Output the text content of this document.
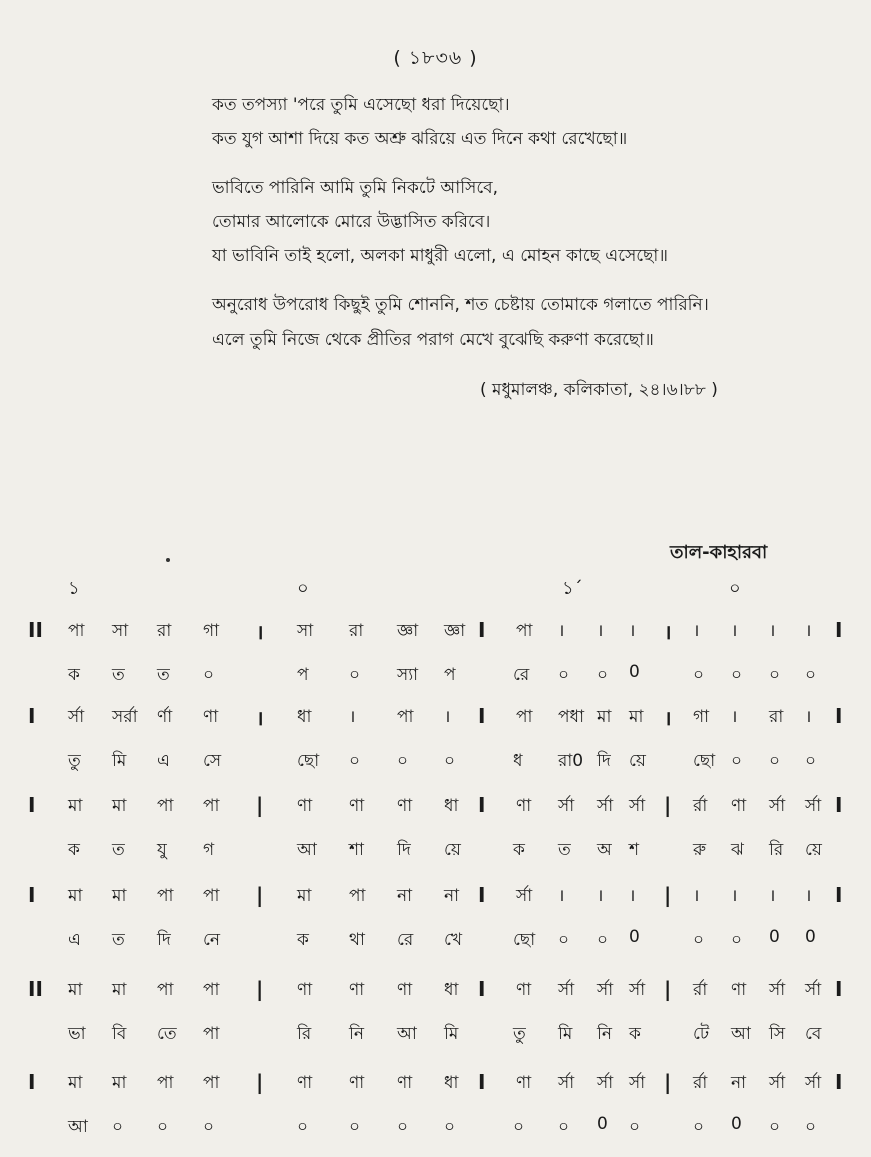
( ১৮৩৬ )
কত তপস্যা 'পরে তুমি এসেছো ধরা দিয়েছো।
কত যুগ আশা দিয়ে কত অশ্রু ঝরিয়ে এত দিনে কথা রেখেছো॥
ভাবিতে পারিনি আমি তুমি নিকটে আসিবে,
তোমার আলোকে মোরে উদ্ভাসিত করিবে।
যা ভাবিনি তাই হলো, অলকা মাধুরী এলো, এ মোহন কাছে এসেছো॥
অনুরোধ উপরোধ কিছুই তুমি শোননি, শত চেষ্টায় তোমাকে গলাতে পারিনি।
এলে তুমি নিজে থেকে প্রীতির পরাগ মেখে বুঝেছি করুণা করেছো॥
( মধুমালঞ্চ, কলিকাতা, ২৪।৬।৮৮ )
তাল-কাহারবা
১	০	১´	০
II পা সা রা গা । সা রা জ্ঞা জ্ঞা I পা । । । । । । । । I
ক ত ত ০	প ০ স্যা প	রে ০ ০ 0	০ ০ ০ ০
I র্সা সর্রা র্ণা ণা । ধা । পা । I পা পধা মা মা । গা । রা । I
তু মি এ সে	ছো ০ ০ ০	ধ রা0 দি য়ে	ছো ০ ০ ০
I মা মা পা পা | ণা ণা ণা ধা I ণা র্সা র্সা র্সা | র্রা ণা র্সা র্সা I
ক ত যু গ	আ শা দি য়ে	ক ত অ শ	রু ঝ রি য়ে
I মা মা পা পা | মা পা না না I র্সা । । । | । । । । I
এ ত দি নে	ক থা রে খে	ছো ০ ০ 0	০ ০ 0 0
II মা মা পা পা | ণা ণা ণা ধা I ণা র্সা র্সা র্সা | র্রা ণা র্সা র্সা I
ভা বি তে পা	রি নি আ মি	তু মি নি ক	টে আ সি বে
I মা মা পা পা | ণা ণা ণা ধা I ণা র্সা র্সা র্সা | র্রা না র্সা র্সা I
আ ০ ০ ০	০ ০ ০ ০	০ ০ 0 ০	০ 0 ০ ০
